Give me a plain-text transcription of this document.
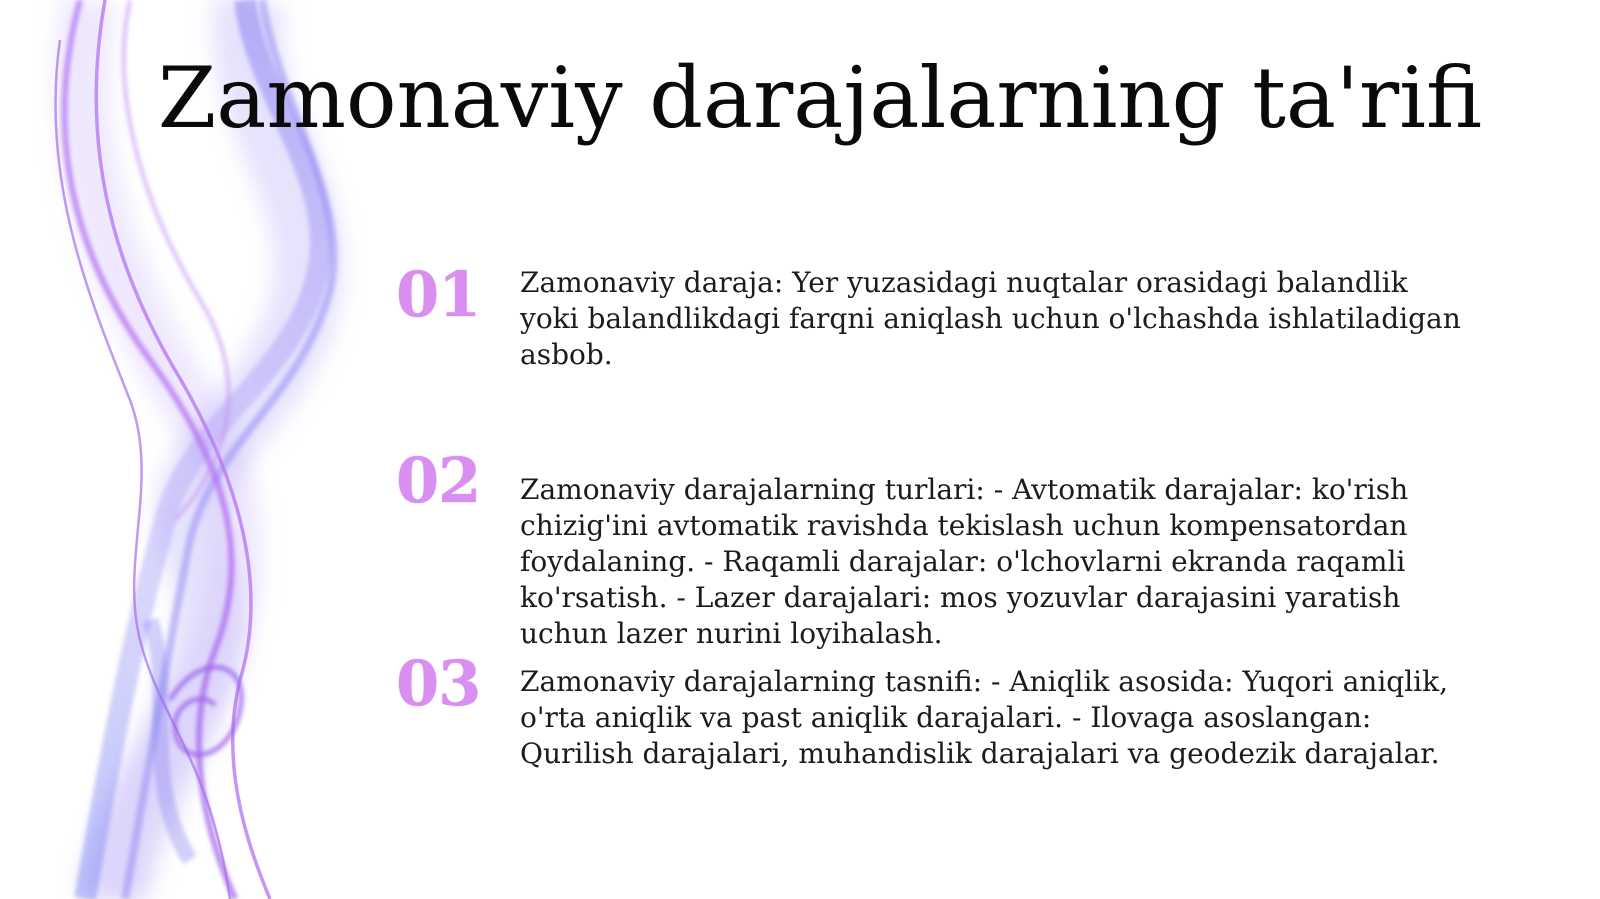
Zamonaviy darajalarning ta'rifi
01	Zamonaviy daraja: Yer yuzasidagi nuqtalar orasidagi balandlik yoki balandlikdagi farqni aniqlash uchun o'lchashda ishlatiladigan asbob.

02	Zamonaviy darajalarning turlari: - Avtomatik darajalar: ko'rish chizig'ini avtomatik ravishda tekislash uchun kompensatordan foydalaning. - Raqamli darajalar: o'lchovlarni ekranda raqamli ko'rsatish. - Lazer darajalari: mos yozuvlar darajasini yaratish uchun lazer nurini loyihalash.

03	Zamonaviy darajalarning tasnifi: - Aniqlik asosida: Yuqori aniqlik, o'rta aniqlik va past aniqlik darajalari. - Ilovaga asoslangan: Qurilish darajalari, muhandislik darajalari va geodezik darajalar.
